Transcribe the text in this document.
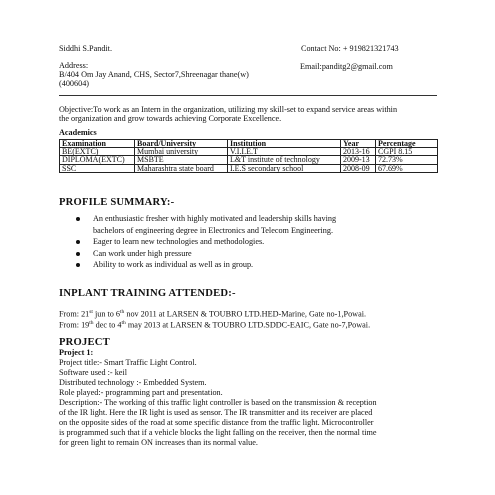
Siddhi S.Pandit.	Contact No: + 919821321743
Address:	Email:panditg2@gmail.com
B/404 Om Jay Anand, CHS, Sector7,Shreenagar thane(w)
(400604)
Objective:To work as an Intern in the organization, utilizing my skill-set to expand service areas within
the organization and grow towards achieving Corporate Excellence.
Academics
Examination	Board/University	Institution	Year	Percentage
BE(EXTC)	Mumbai university	V.I.I.E.T	2013-16	CGPI 8.15
DIPLOMA(EXTC)	MSBTE	L&T institute of technology	2009-13	72.73%
SSC	Maharashtra state board	I.E.S secondary school	2008-09	67.69%
PROFILE SUMMARY:-
An enthusiastic fresher with highly motivated and leadership skills having
bachelors of engineering degree in Electronics and Telecom Engineering.
Eager to learn new technologies and methodologies.
Can work under high pressure
Ability to work as individual as well as in group.
INPLANT TRAINING ATTENDED:-
From: 21st jun to 6th nov 2011 at LARSEN & TOUBRO LTD.HED-Marine, Gate no-1,Powai.
From: 19th dec to 4th may 2013 at LARSEN & TOUBRO LTD.SDDC-EAIC, Gate no-7,Powai.
PROJECT
Project 1:
Project title:- Smart Traffic Light Control.
Software used :- keil
Distributed technology :- Embedded System.
Role played:- programming part and presentation.
Description:- The working of this traffic light controller is based on the transmission & reception
of the IR light. Here the IR light is used as sensor. The IR transmitter and its receiver are placed
on the opposite sides of the road at some specific distance from the traffic light. Microcontroller
is programmed such that if a vehicle blocks the light falling on the receiver, then the normal time
for green light to remain ON increases than its normal value.
